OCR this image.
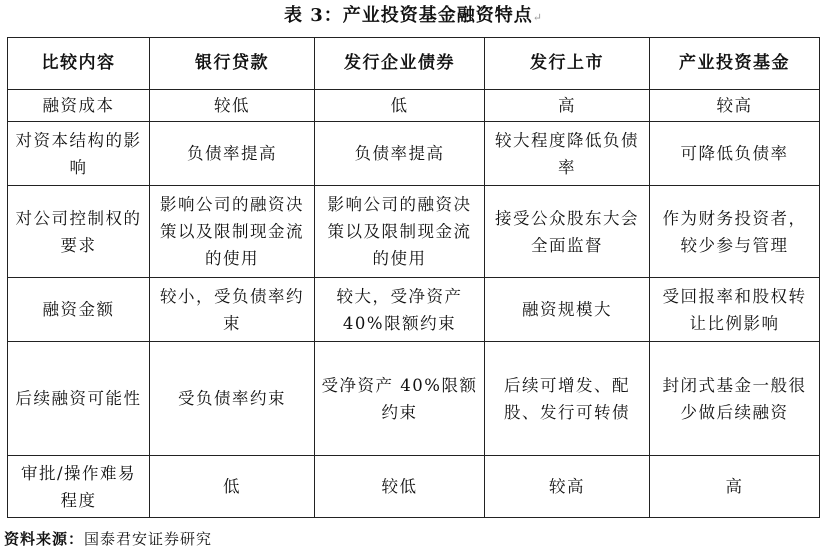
表 3：产业投资基金融资特点↵
比较内容	银行贷款	发行企业债券	发行上市	产业投资基金
融资成本	较低	低	高	较高
对资本结构的影响	负债率提高	负债率提高	较大程度降低负债率	可降低负债率
对公司控制权的要求	影响公司的融资决策以及限制现金流的使用	影响公司的融资决策以及限制现金流的使用	接受公众股东大会全面监督	作为财务投资者，较少参与管理
融资金额	较小，受负债率约束	较大，受净资产40%限额约束	融资规模大	受回报率和股权转让比例影响
后续融资可能性	受负债率约束	受净资产 40%限额约束	后续可增发、配股、发行可转债	封闭式基金一般很少做后续融资
审批/操作难易程度	低	较低	较高	高
资料来源：国泰君安证券研究
